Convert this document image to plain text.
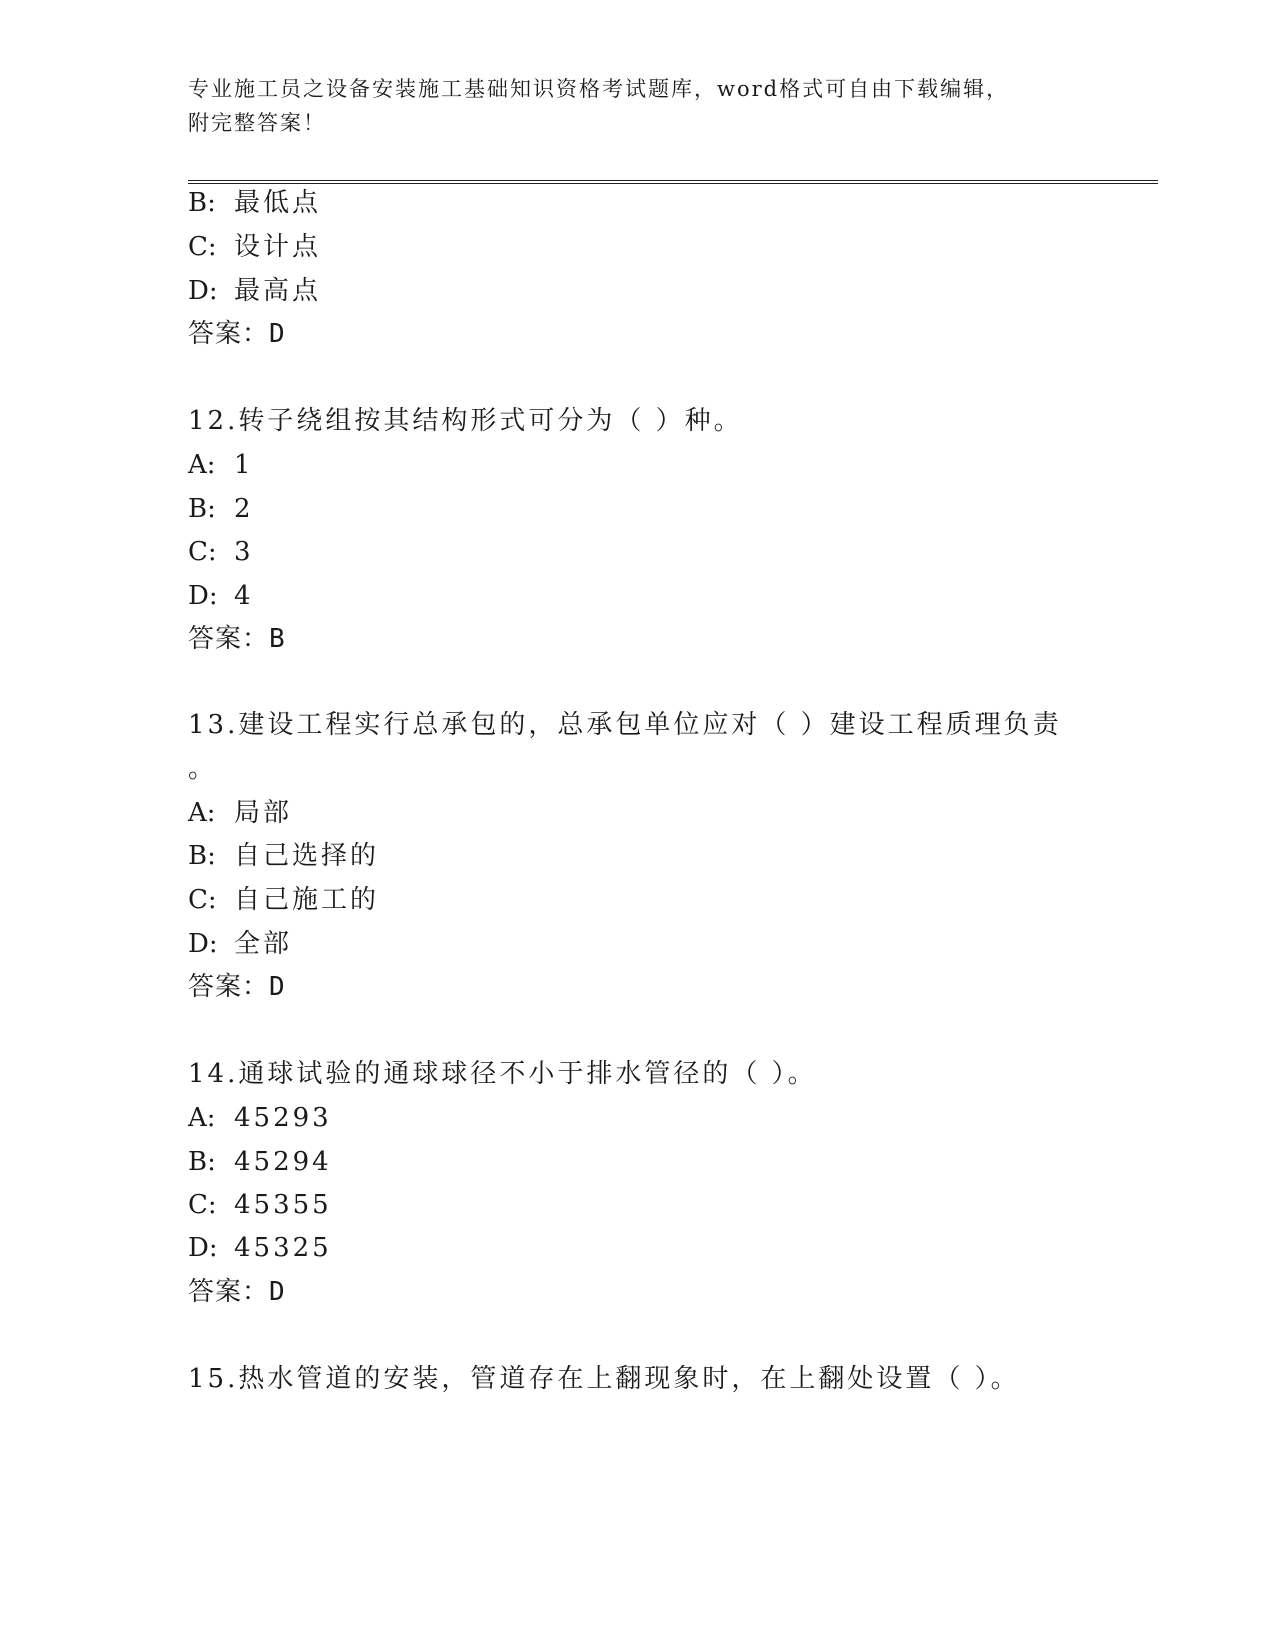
专业施工员之设备安装施工基础知识资格考试题库，word格式可自由下载编辑，
附完整答案！
B: 最低点
C: 设计点
D: 最高点
答案：D
12.转子绕组按其结构形式可分为（ ）种。
A: 1
B: 2
C: 3
D: 4
答案：B
13.建设工程实行总承包的，总承包单位应对（ ）建设工程质理负责
。
A: 局部
B: 自己选择的
C: 自己施工的
D: 全部
答案：D
14.通球试验的通球球径不小于排水管径的（ ）。
A: 45293
B: 45294
C: 45355
D: 45325
答案：D
15.热水管道的安装，管道存在上翻现象时，在上翻处设置（ ）。
